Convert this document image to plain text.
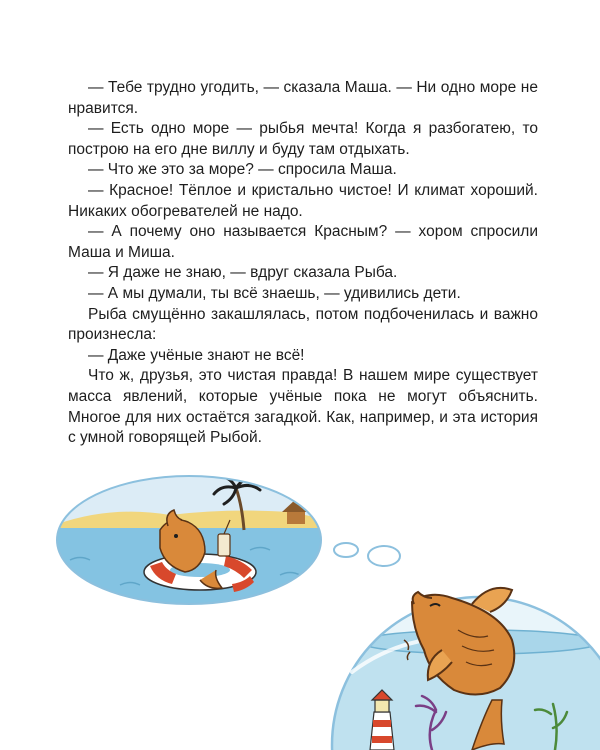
— Тебе трудно угодить, — сказала Маша. — Ни одно море не нравится.

— Есть одно море — рыбья мечта! Когда я разбогатею, то построю на его дне виллу и буду там отдыхать.

— Что же это за море? — спросила Маша.

— Красное! Тёплое и кристально чистое! И климат хороший. Никаких обогревателей не надо.

— А почему оно называется Красным? — хором спросили Маша и Миша.

— Я даже не знаю, — вдруг сказала Рыба.

— А мы думали, ты всё знаешь, — удивились дети.

Рыба смущённо закашлялась, потом подбоченилась и важно произнесла:

— Даже учёные знают не всё!

Что ж, друзья, это чистая правда! В нашем мире существует масса явлений, которые учёные пока не могут объяснить. Многое для них остаётся загадкой. Как, например, и эта история с умной говорящей Рыбой.
